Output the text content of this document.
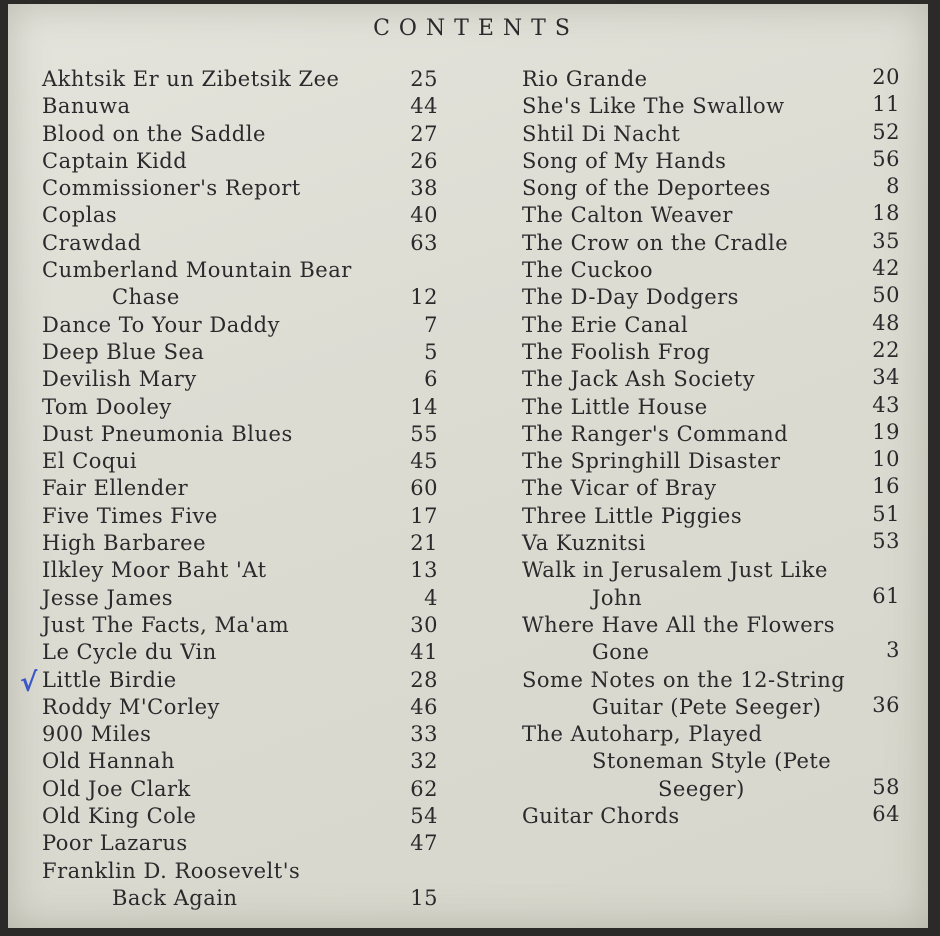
CONTENTS
Akhtsik Er un Zibetsik Zee	25
Banuwa	44
Blood on the Saddle	27
Captain Kidd	26
Commissioner's Report	38
Coplas	40
Crawdad	63
Cumberland Mountain Bear
Chase	12
Dance To Your Daddy	7
Deep Blue Sea	5
Devilish Mary	6
Tom Dooley	14
Dust Pneumonia Blues	55
El Coqui	45
Fair Ellender	60
Five Times Five	17
High Barbaree	21
Ilkley Moor Baht 'At	13
Jesse James	4
Just The Facts, Ma'am	30
Le Cycle du Vin	41
Little Birdie	28
Roddy M'Corley	46
900 Miles	33
Old Hannah	32
Old Joe Clark	62
Old King Cole	54
Poor Lazarus	47
Franklin D. Roosevelt's
Back Again	15
Rio Grande	20
She's Like The Swallow	11
Shtil Di Nacht	52
Song of My Hands	56
Song of the Deportees	8
The Calton Weaver	18
The Crow on the Cradle	35
The Cuckoo	42
The D-Day Dodgers	50
The Erie Canal	48
The Foolish Frog	22
The Jack Ash Society	34
The Little House	43
The Ranger's Command	19
The Springhill Disaster	10
The Vicar of Bray	16
Three Little Piggies	51
Va Kuznitsi	53
Walk in Jerusalem Just Like
John	61
Where Have All the Flowers
Gone	3
Some Notes on the 12-String
Guitar (Pete Seeger)	36
The Autoharp, Played
Stoneman Style (Pete
Seeger)	58
Guitar Chords	64
√
